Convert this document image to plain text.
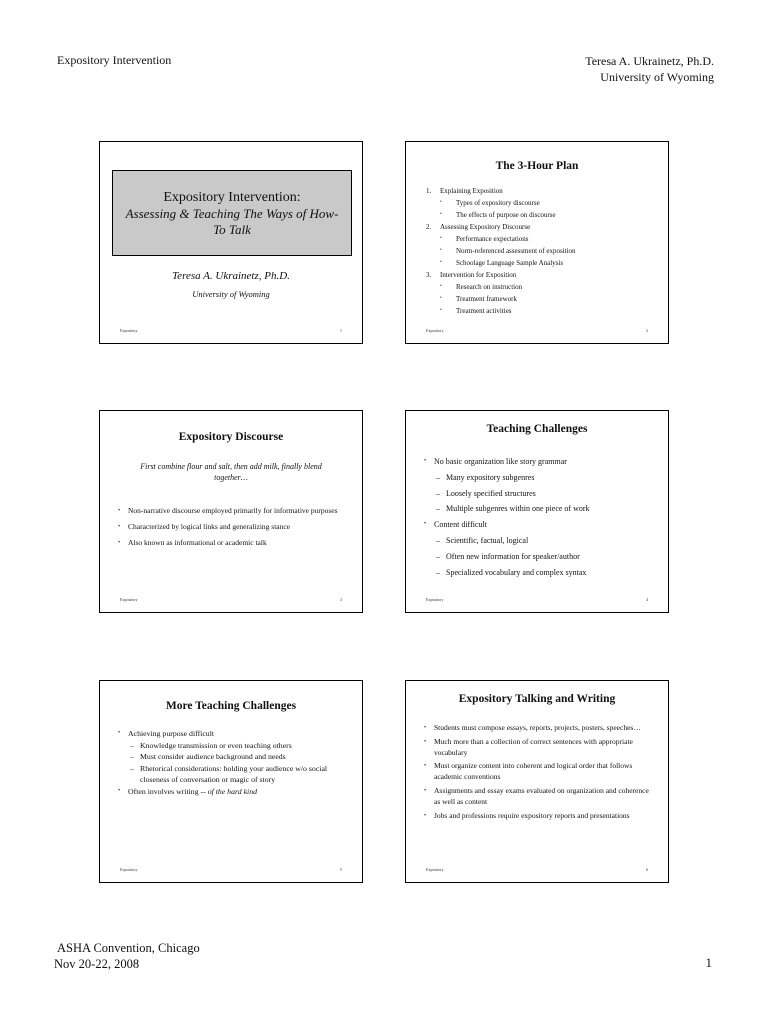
Expository Intervention	Teresa A. Ukrainetz, Ph.D.
University of Wyoming
Expository Intervention:
Assessing & Teaching The Ways of How-To Talk
Teresa A. Ukrainetz, Ph.D.
University of Wyoming
Expository	1
The 3-Hour Plan
1.	Explaining Exposition
•	Types of expository discourse
•	The effects of purpose on discourse
2.	Assessing Expository Discourse
•	Performance expectations
•	Norm-referenced assessment of exposition
•	Schoolage Language Sample Analysis
3.	Intervention for Exposition
•	Research on instruction
•	Treatment framework
•	Treatment activities
Expository	2
Expository Discourse
First combine flour and salt, then add milk, finally blend together…
•	Non-narrative discourse employed primarily for informative purposes
•	Characterized by logical links and generalizing stance
•	Also known as informational or academic talk
Expository	3
Teaching Challenges
• No basic organization like story grammar
– Many expository subgenres
– Loosely specified structures
– Multiple subgenres within one piece of work
• Content difficult
– Scientific, factual, logical
– Often new information for speaker/author
– Specialized vocabulary and complex syntax
Expository	4
More Teaching Challenges
•	Achieving purpose difficult
– Knowledge transmission or even teaching others
– Must consider audience background and needs
– Rhetorical considerations: holding your audience w/o social closeness of conversation or magic of story
•	Often involves writing -- of the hard kind
Expository	5
Expository Talking and Writing
•	Students must compose essays, reports, projects, posters, speeches…
•	Much more than a collection of correct sentences with appropriate vocabulary
•	Must organize content into coherent and logical order that follows academic conventions
•	Assignments and essay exams evaluated on organization and coherence as well as content
•	Jobs and professions require expository reports and presentations
Expository	6
ASHA Convention, Chicago
Nov 20-22, 2008	1
